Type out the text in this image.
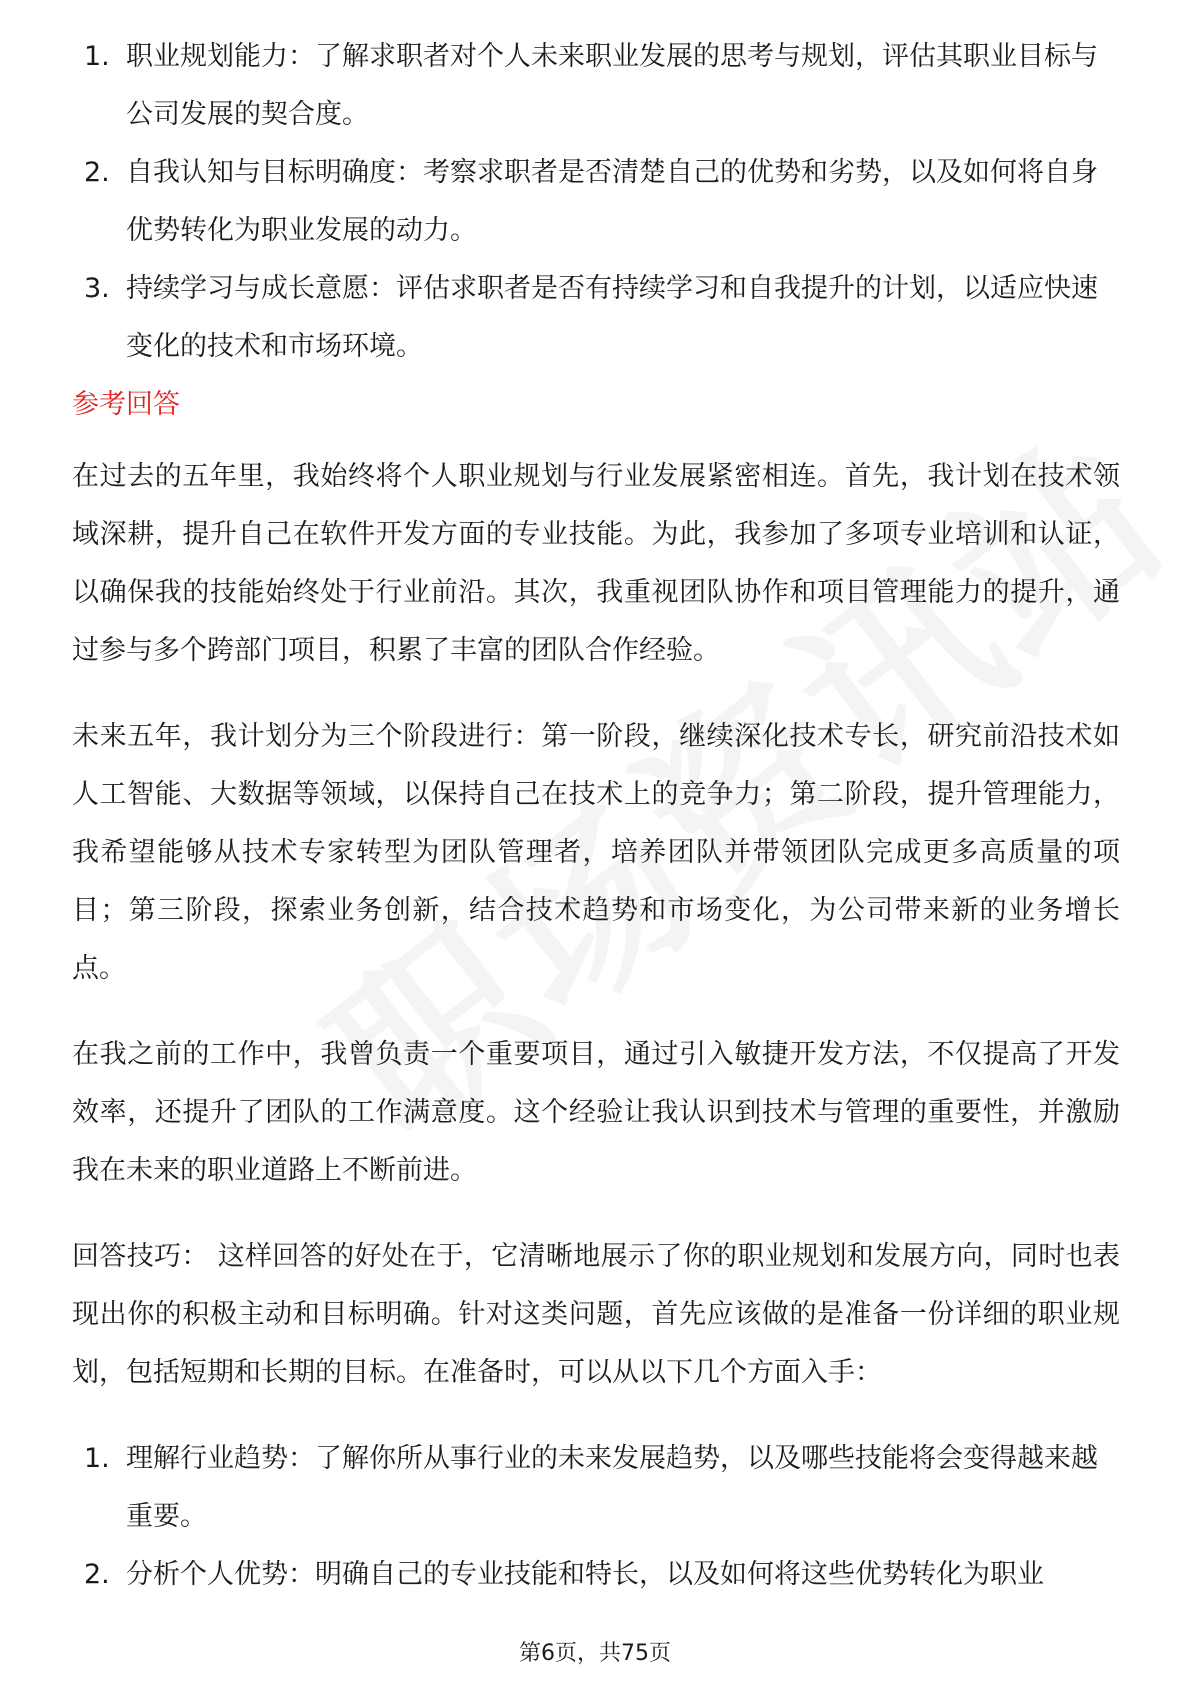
1. 职业规划能力：了解求职者对个人未来职业发展的思考与规划，评估其职业目标与公司发展的契合度。
2. 自我认知与目标明确度：考察求职者是否清楚自己的优势和劣势，以及如何将自身优势转化为职业发展的动力。
3. 持续学习与成长意愿：评估求职者是否有持续学习和自我提升的计划，以适应快速变化的技术和市场环境。
参考回答

在过去的五年里，我始终将个人职业规划与行业发展紧密相连。首先，我计划在技术领域深耕，提升自己在软件开发方面的专业技能。为此，我参加了多项专业培训和认证，以确保我的技能始终处于行业前沿。其次，我重视团队协作和项目管理能力的提升，通过参与多个跨部门项目，积累了丰富的团队合作经验。

未来五年，我计划分为三个阶段进行：第一阶段，继续深化技术专长，研究前沿技术如人工智能、大数据等领域，以保持自己在技术上的竞争力；第二阶段，提升管理能力，我希望能够从技术专家转型为团队管理者，培养团队并带领团队完成更多高质量的项目；第三阶段，探索业务创新，结合技术趋势和市场变化，为公司带来新的业务增长点。

在我之前的工作中，我曾负责一个重要项目，通过引入敏捷开发方法，不仅提高了开发效率，还提升了团队的工作满意度。这个经验让我认识到技术与管理的重要性，并激励我在未来的职业道路上不断前进。

回答技巧： 这样回答的好处在于，它清晰地展示了你的职业规划和发展方向，同时也表现出你的积极主动和目标明确。针对这类问题，首先应该做的是准备一份详细的职业规划，包括短期和长期的目标。在准备时，可以从以下几个方面入手：

1. 理解行业趋势：了解你所从事行业的未来发展趋势，以及哪些技能将会变得越来越重要。
2. 分析个人优势：明确自己的专业技能和特长，以及如何将这些优势转化为职业
第6页，共75页
